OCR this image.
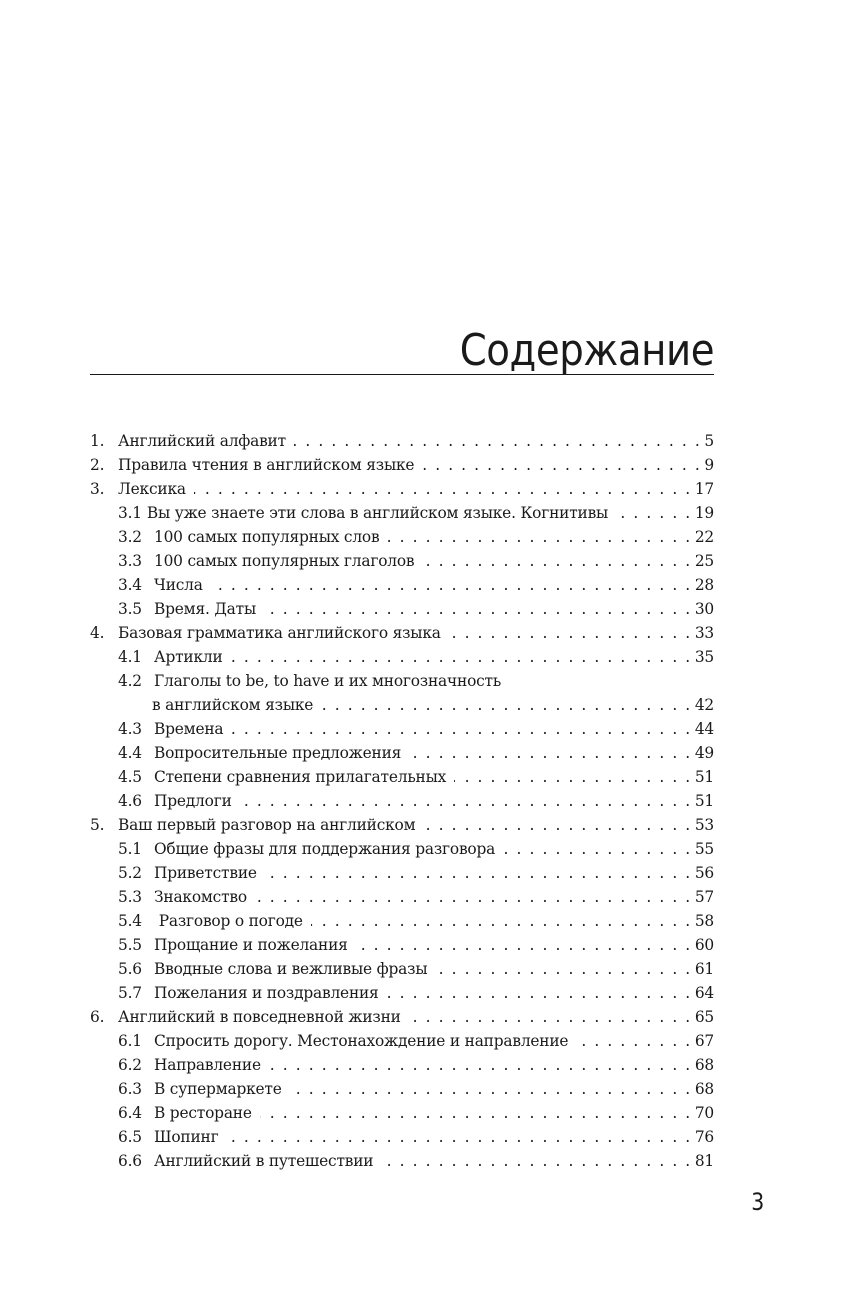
Содержание
1. Английский алфавит . . .	5
2. Правила чтения в английском языке . . .	9
3. Лексика . . .	17
3.1 Вы уже знаете эти слова в английском языке. Когнитивы . . .	19
3.2 100 самых популярных слов . . .	22
3.3 100 самых популярных глаголов . . .	25
3.4 Числа . . .	28
3.5 Время. Даты . . .	30
4. Базовая грамматика английского языка . . .	33
4.1 Артикли . . .	35
4.2 Глаголы to be, to have и их многозначность
в английском языке . . .	42
4.3 Времена . . .	44
4.4 Вопросительные предложения . . .	49
4.5 Степени сравнения прилагательных . . .	51
4.6 Предлоги . . .	51
5. Ваш первый разговор на английском . . .	53
5.1 Общие фразы для поддержания разговора . . .	55
5.2 Приветствие . . .	56
5.3 Знакомство . . .	57
5.4 Разговор о погоде . . .	58
5.5 Прощание и пожелания . . .	60
5.6 Вводные слова и вежливые фразы . . .	61
5.7 Пожелания и поздравления . . .	64
6. Английский в повседневной жизни . . .	65
6.1 Спросить дорогу. Местонахождение и направление . . .	67
6.2 Направление . . .	68
6.3 В супермаркете . . .	68
6.4 В ресторане . . .	70
6.5 Шопинг . . .	76
6.6 Английский в путешествии . . .	81
3
